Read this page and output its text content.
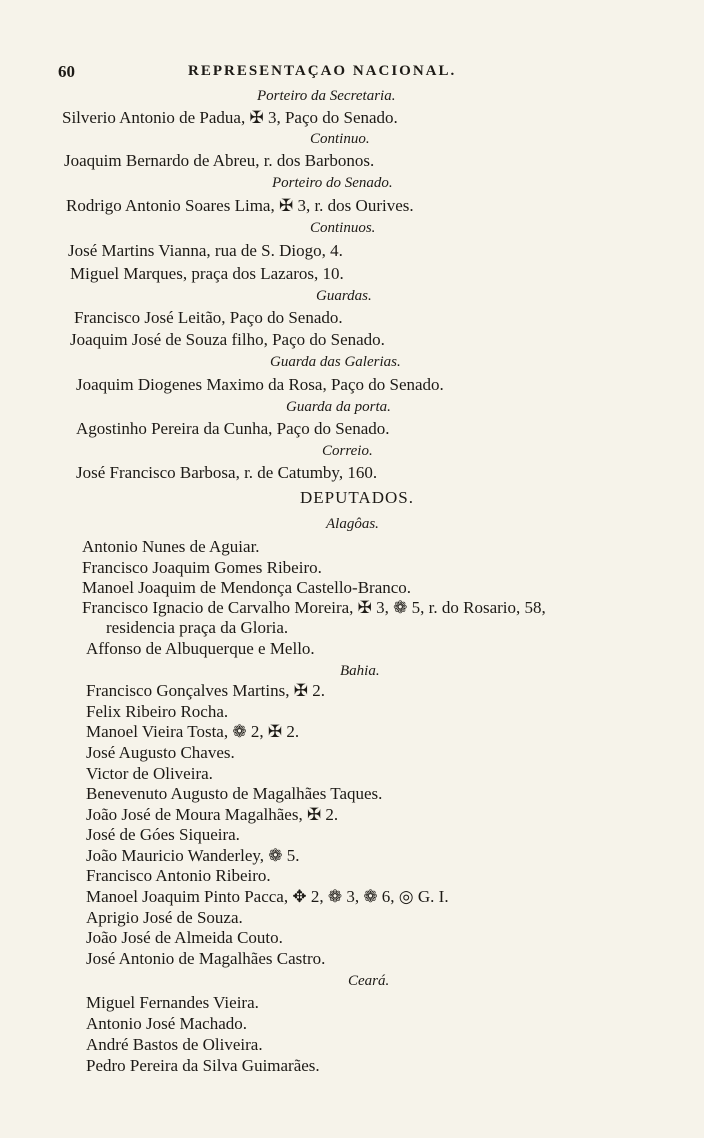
60	REPRESENTAÇAO NACIONAL.
Porteiro da Secretaria.
Silverio Antonio de Padua, ✠ 3, Paço do Senado.
Continuo.
Joaquim Bernardo de Abreu, r. dos Barbonos.
Porteiro do Senado.
Rodrigo Antonio Soares Lima, ✠ 3, r. dos Ourives.
Continuos.
José Martins Vianna, rua de S. Diogo, 4.
Miguel Marques, praça dos Lazaros, 10.
Guardas.
Francisco José Leitão, Paço do Senado.
Joaquim José de Souza filho, Paço do Senado.
Guarda das Galerias.
Joaquim Diogenes Maximo da Rosa, Paço do Senado.
Guarda da porta.
Agostinho Pereira da Cunha, Paço do Senado.
Correio.
José Francisco Barbosa, r. de Catumby, 160.
DEPUTADOS.
Alagôas.
Antonio Nunes de Aguiar.
Francisco Joaquim Gomes Ribeiro.
Manoel Joaquim de Mendonça Castello-Branco.
Francisco Ignacio de Carvalho Moreira, ✠ 3, ❁ 5, r. do Rosario, 58,
residencia praça da Gloria.
Affonso de Albuquerque e Mello.
Bahia.
Francisco Gonçalves Martins, ✠ 2.
Felix Ribeiro Rocha.
Manoel Vieira Tosta, ❁ 2, ✠ 2.
José Augusto Chaves.
Victor de Oliveira.
Benevenuto Augusto de Magalhães Taques.
João José de Moura Magalhães, ✠ 2.
José de Góes Siqueira.
João Mauricio Wanderley, ❁ 5.
Francisco Antonio Ribeiro.
Manoel Joaquim Pinto Pacca, ✥ 2, ❁ 3, ❁ 6, ◎ G. I.
Aprigio José de Souza.
João José de Almeida Couto.
José Antonio de Magalhães Castro.
Ceará.
Miguel Fernandes Vieira.
Antonio José Machado.
André Bastos de Oliveira.
Pedro Pereira da Silva Guimarães.
